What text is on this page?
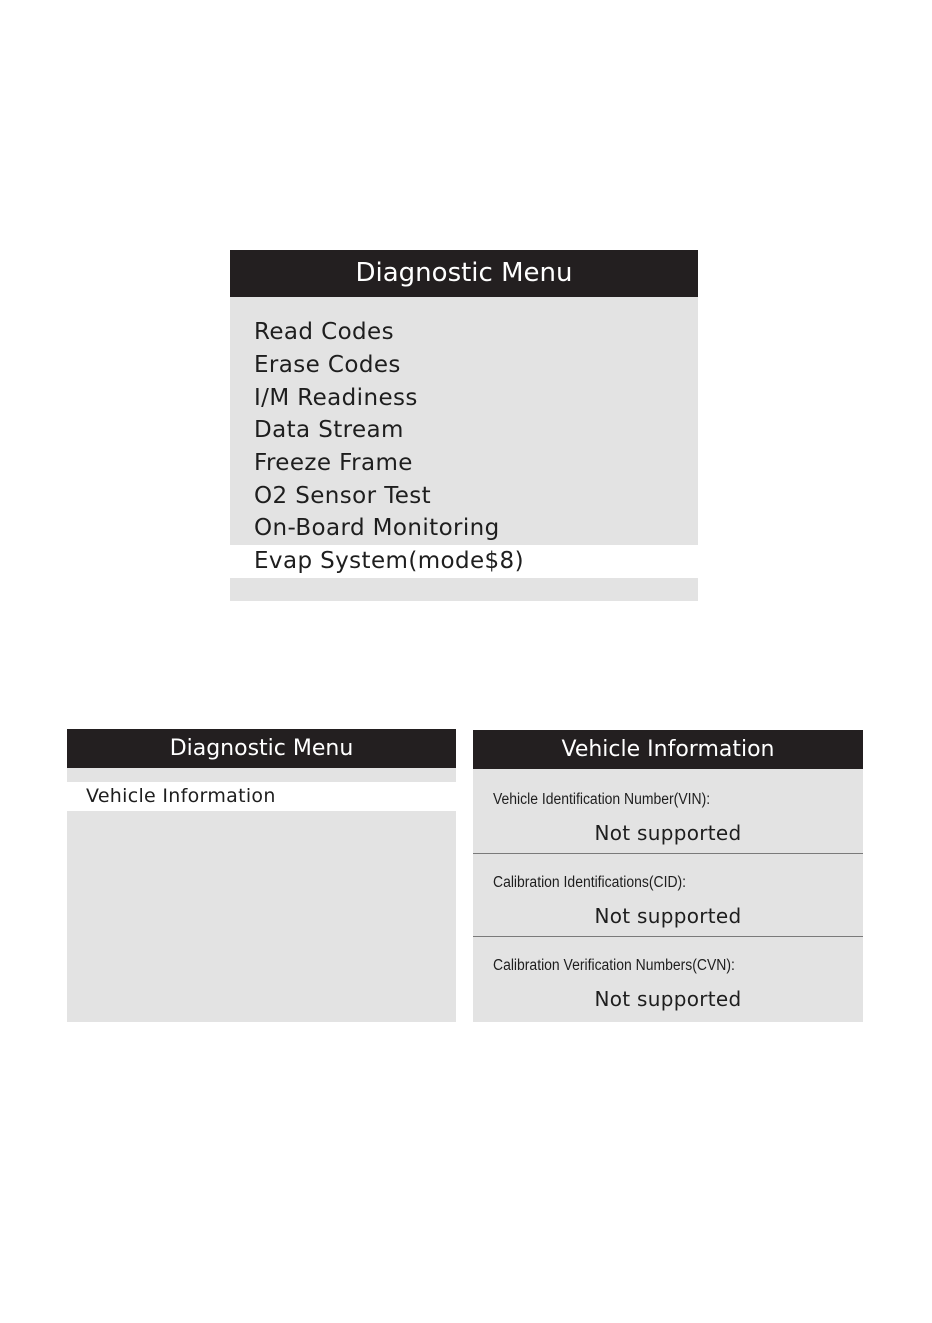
Diagnostic Menu
Read Codes
Erase Codes
I/M Readiness
Data Stream
Freeze Frame
O2 Sensor Test
On-Board Monitoring
Evap System(mode$8)
Diagnostic Menu
Vehicle Information
Vehicle Information
Vehicle Identification Number(VIN):
Not supported
Calibration Identifications(CID):
Not supported
Calibration Verification Numbers(CVN):
Not supported
